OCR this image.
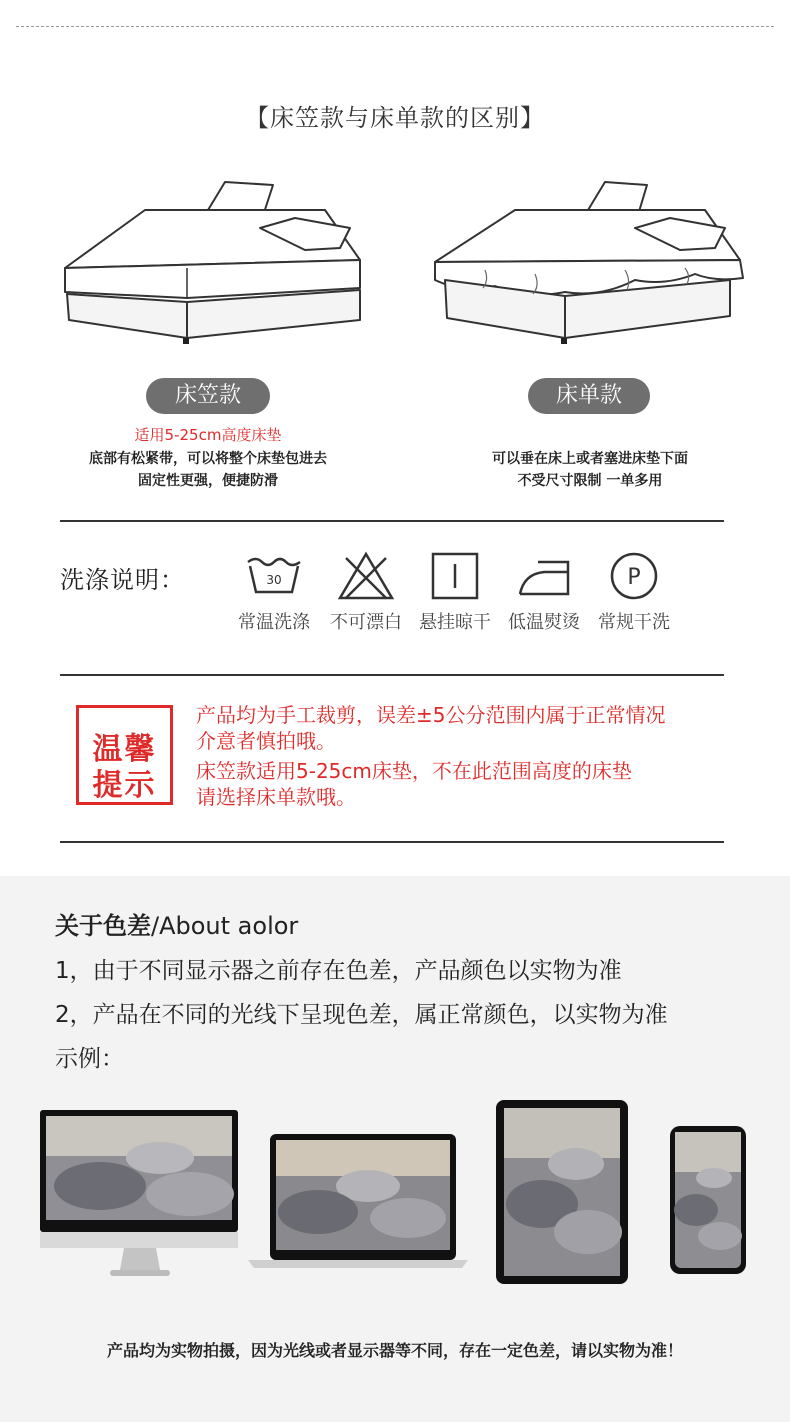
【床笠款与床单款的区别】
床笠款	床单款
适用5-25cm高度床垫
底部有松紧带，可以将整个床垫包进去
固定性更强，便捷防滑
可以垂在床上或者塞进床垫下面
不受尺寸限制 一单多用
洗涤说明：	30	P
常温洗涤	不可漂白 悬挂晾干 低温熨烫	常规干洗
温馨
提示
产品均为手工裁剪，误差±5公分范围内属于正常情况
介意者慎拍哦。
床笠款适用5-25cm床垫，不在此范围高度的床垫
请选择床单款哦。
关于色差/About aolor
1，由于不同显示器之前存在色差，产品颜色以实物为准
2，产品在不同的光线下呈现色差，属正常颜色，以实物为准
示例：
产品均为实物拍摄，因为光线或者显示器等不同，存在一定色差，请以实物为准！
